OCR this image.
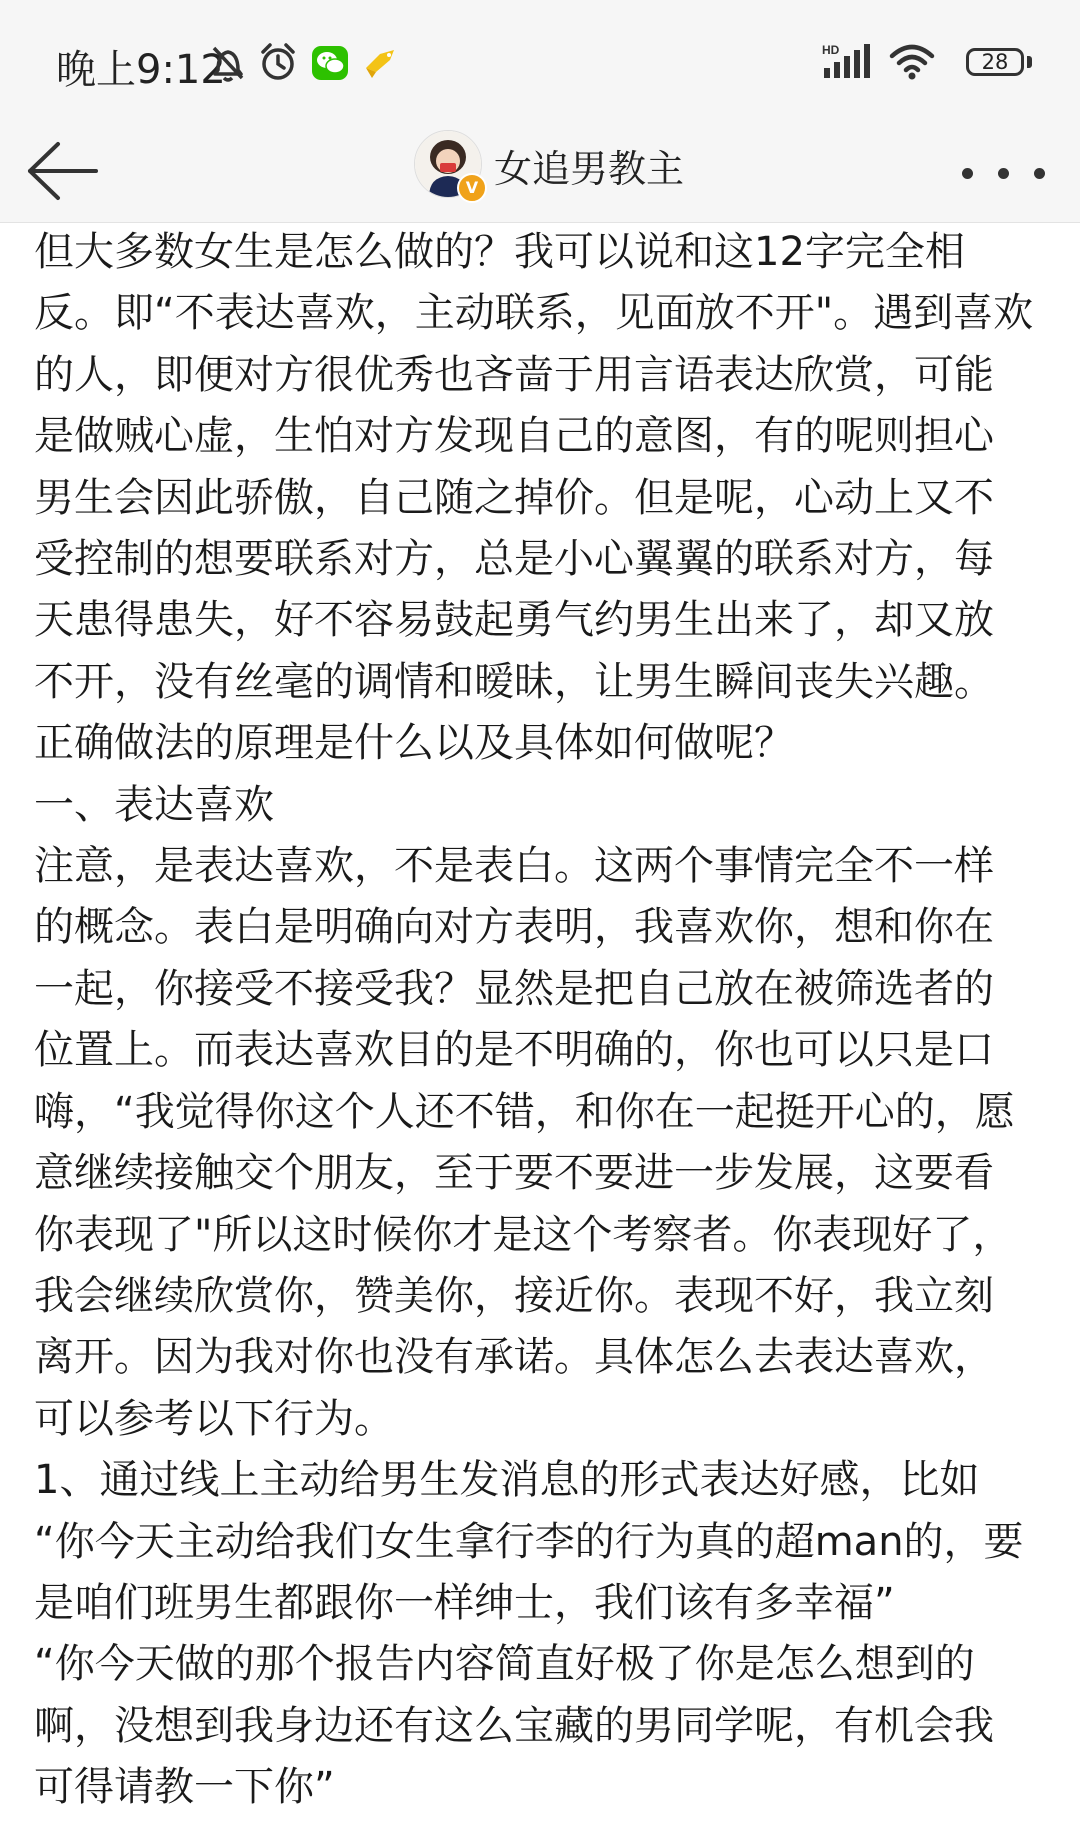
晚上9:12	HD	28
V 女追男教主

但大多数女生是怎么做的？我可以说和这12字完全相

反。即“不表达喜欢，主动联系，见面放不开"。遇到喜欢

的人，即便对方很优秀也吝啬于用言语表达欣赏，可能

是做贼心虚，生怕对方发现自己的意图，有的呢则担心

男生会因此骄傲，自己随之掉价。但是呢，心动上又不

受控制的想要联系对方，总是小心翼翼的联系对方，每

天患得患失，好不容易鼓起勇气约男生出来了，却又放

不开，没有丝毫的调情和暧昧，让男生瞬间丧失兴趣。

正确做法的原理是什么以及具体如何做呢？

一、表达喜欢

注意，是表达喜欢，不是表白。这两个事情完全不一样

的概念。表白是明确向对方表明，我喜欢你，想和你在

一起，你接受不接受我？显然是把自己放在被筛选者的

位置上。而表达喜欢目的是不明确的，你也可以只是口

嗨，“我觉得你这个人还不错，和你在一起挺开心的，愿

意继续接触交个朋友，至于要不要进一步发展，这要看

你表现了"所以这时候你才是这个考察者。你表现好了，

我会继续欣赏你，赞美你，接近你。表现不好，我立刻

离开。因为我对你也没有承诺。具体怎么去表达喜欢，

可以参考以下行为。

1、通过线上主动给男生发消息的形式表达好感，比如

“你今天主动给我们女生拿行李的行为真的超man的，要

是咱们班男生都跟你一样绅士，我们该有多幸福”

“你今天做的那个报告内容简直好极了你是怎么想到的

啊，没想到我身边还有这么宝藏的男同学呢，有机会我

可得请教一下你”
